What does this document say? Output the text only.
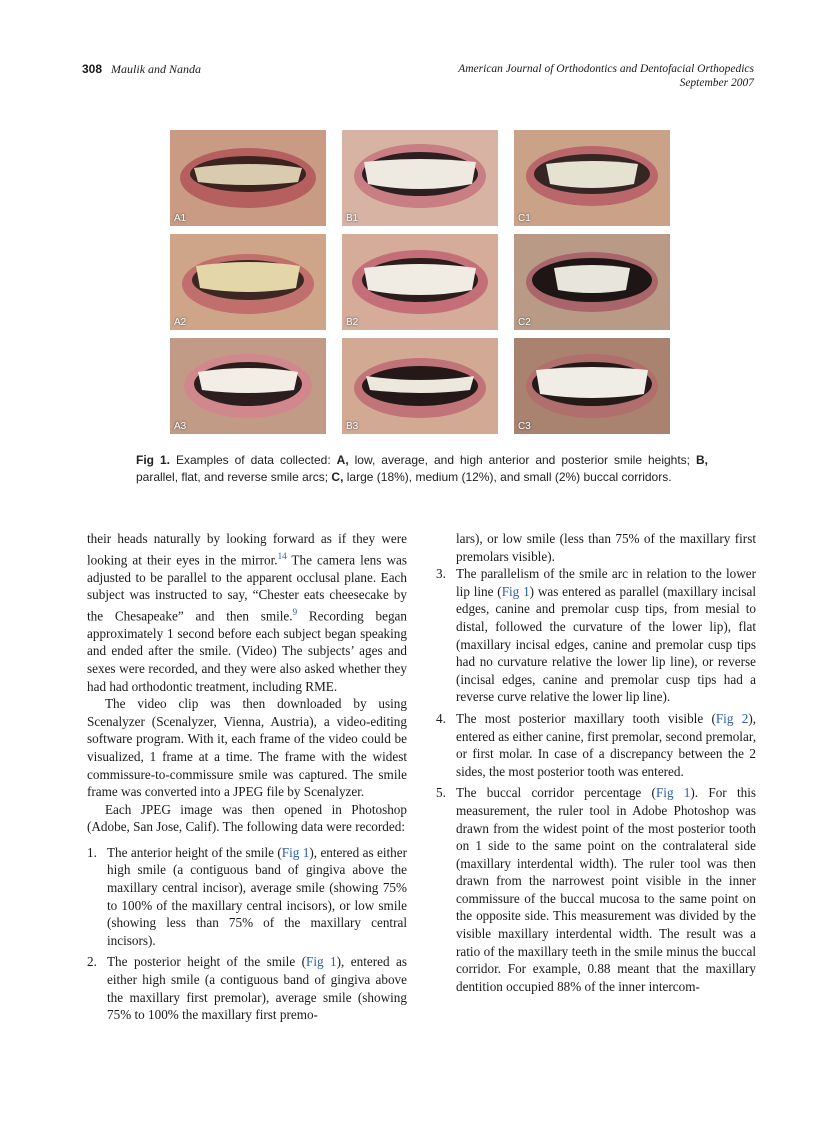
308 Maulik and Nanda	American Journal of Orthodontics and Dentofacial Orthopedics
September 2007
A1	B1	C1
A2	B2	C2
A3	B3	C3
Fig 1. Examples of data collected: A, low, average, and high anterior and posterior smile heights; B, parallel, flat, and reverse smile arcs; C, large (18%), medium (12%), and small (2%) buccal corridors.

their heads naturally by looking forward as if they were looking at their eyes in the mirror.$^{14}$ The camera lens was adjusted to be parallel to the apparent occlusal plane. Each subject was instructed to say, “Chester eats cheesecake by the Chesapeake” and then smile.$^9$ Recording began approximately 1 second before each subject began speaking and ended after the smile. (Video) The subjects’ ages and sexes were recorded, and they were also asked whether they had had orthodontic treatment, including RME.

The video clip was then downloaded by using Scenalyzer (Scenalyzer, Vienna, Austria), a video-editing software program. With it, each frame of the video could be visualized, 1 frame at a time. The frame with the widest commissure-to-commissure smile was captured. The smile frame was converted into a JPEG file by Scenalyzer.

Each JPEG image was then opened in Photoshop (Adobe, San Jose, Calif). The following data were recorded:

1. The anterior height of the smile (Fig 1), entered as either high smile (a contiguous band of gingiva above the maxillary central incisor), average smile (showing 75% to 100% of the maxillary central incisors), or low smile (showing less than 75% of the maxillary central incisors).
2. The posterior height of the smile (Fig 1), entered as either high smile (a contiguous band of gingiva above the maxillary first premolar), average smile (showing 75% to 100% the maxillary first premo-

lars), or low smile (less than 75% of the maxillary first premolars visible).

3. The parallelism of the smile arc in relation to the lower lip line (Fig 1) was entered as parallel (maxillary incisal edges, canine and premolar cusp tips, from mesial to distal, followed the curvature of the lower lip), flat (maxillary incisal edges, canine and premolar cusp tips had no curvature relative the lower lip line), or reverse (incisal edges, canine and premolar cusp tips had a reverse curve relative the lower lip line).
4. The most posterior maxillary tooth visible (Fig 2), entered as either canine, first premolar, second premolar, or first molar. In case of a discrepancy between the 2 sides, the most posterior tooth was entered.
5. The buccal corridor percentage (Fig 1). For this measurement, the ruler tool in Adobe Photoshop was drawn from the widest point of the most posterior tooth on 1 side to the same point on the contralateral side (maxillary interdental width). The ruler tool was then drawn from the narrowest point visible in the inner commissure of the buccal mucosa to the same point on the opposite side. This measurement was divided by the visible maxillary interdental width. The result was a ratio of the maxillary teeth in the smile minus the buccal corridor. For example, 0.88 meant that the maxillary dentition occupied 88% of the inner intercom-
